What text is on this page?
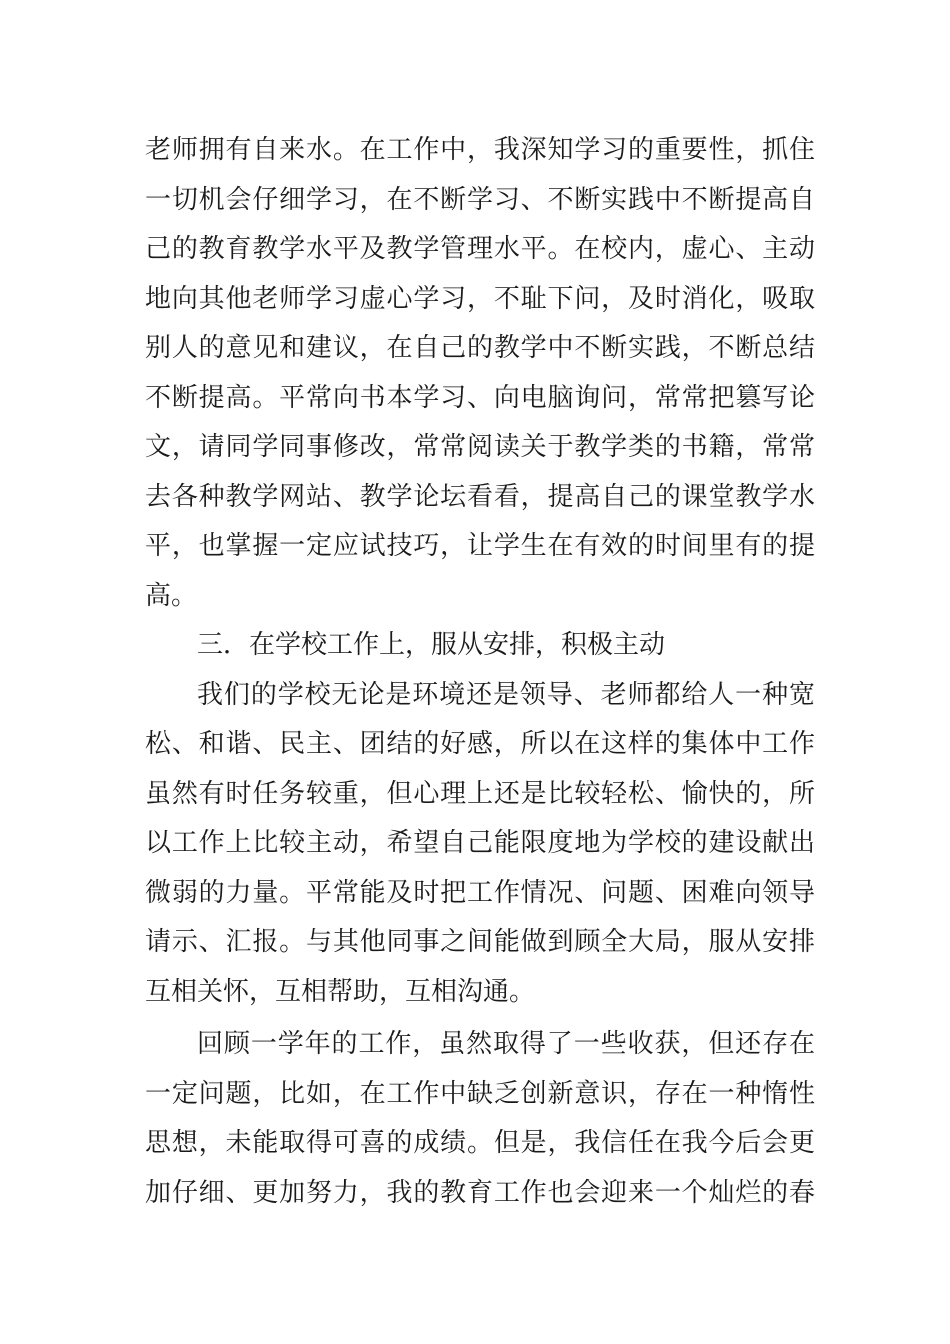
老师拥有自来水。在工作中，我深知学习的重要性，抓住
一切机会仔细学习，在不断学习、不断实践中不断提高自
己的教育教学水平及教学管理水平。在校内，虚心、主动
地向其他老师学习虚心学习，不耻下问，及时消化，吸取
别人的意见和建议，在自己的教学中不断实践，不断总结
不断提高。平常向书本学习、向电脑询问，常常把篡写论
文，请同学同事修改，常常阅读关于教学类的书籍，常常
去各种教学网站、教学论坛看看，提高自己的课堂教学水
平，也掌握一定应试技巧，让学生在有效的时间里有的提
高。
三．在学校工作上，服从安排，积极主动
我们的学校无论是环境还是领导、老师都给人一种宽
松、和谐、民主、团结的好感，所以在这样的集体中工作
虽然有时任务较重，但心理上还是比较轻松、愉快的，所
以工作上比较主动，希望自己能限度地为学校的建设献出
微弱的力量。平常能及时把工作情况、问题、困难向领导
请示、汇报。与其他同事之间能做到顾全大局，服从安排
互相关怀，互相帮助，互相沟通。
回顾一学年的工作，虽然取得了一些收获，但还存在
一定问题，比如，在工作中缺乏创新意识，存在一种惰性
思想，未能取得可喜的成绩。但是，我信任在我今后会更
加仔细、更加努力，我的教育工作也会迎来一个灿烂的春
